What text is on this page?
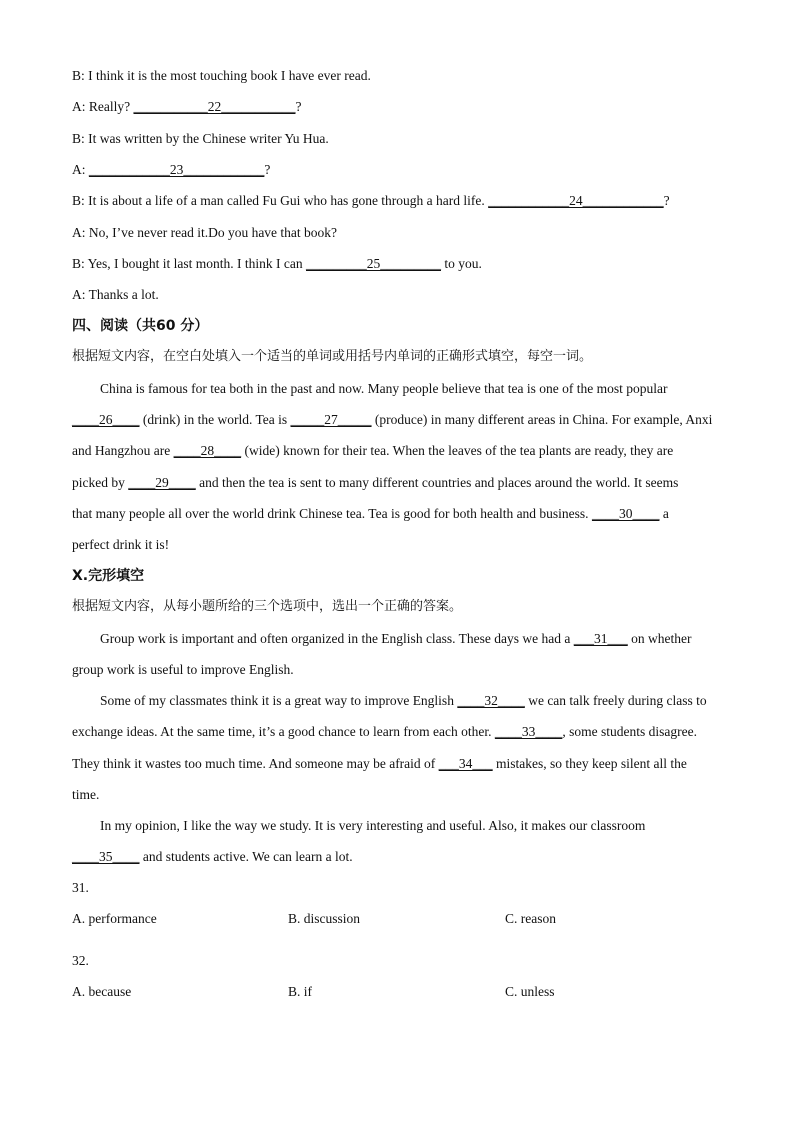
B: I think it is the most touching book I have ever read.
A: Really? ___________22___________?
B: It was written by the Chinese writer Yu Hua.
A: ____________23____________?
B: It is about a life of a man called Fu Gui who has gone through a hard life. ____________24____________?
A: No, I’ve never read it.Do you have that book?
B: Yes, I bought it last month. I think I can _________25_________ to you.
A: Thanks a lot.
四、阅读（共60 分）
根据短文内容，在空白处填入一个适当的单词或用括号内单词的正确形式填空，每空一词。
China is famous for tea both in the past and now. Many people believe that tea is one of the most popular
____26____ (drink) in the world. Tea is _____27_____ (produce) in many different areas in China. For example, Anxi
and Hangzhou are ____28____ (wide) known for their tea. When the leaves of the tea plants are ready, they are
picked by ____29____ and then the tea is sent to many different countries and places around the world. It seems
that many people all over the world drink Chinese tea. Tea is good for both health and business. ____30____ a
perfect drink it is!
X.完形填空
根据短文内容，从每小题所给的三个选项中，选出一个正确的答案。
Group work is important and often organized in the English class. These days we had a ___31___ on whether
group work is useful to improve English.
Some of my classmates think it is a great way to improve English ____32____ we can talk freely during class to
exchange ideas. At the same time, it’s a good chance to learn from each other. ____33____, some students disagree.
They think it wastes too much time. And someone may be afraid of ___34___ mistakes, so they keep silent all the
time.
In my opinion, I like the way we study. It is very interesting and useful. Also, it makes our classroom
____35____ and students active. We can learn a lot.
31.
A. performance	B. discussion	C. reason
32.
A. because	B. if	C. unless
